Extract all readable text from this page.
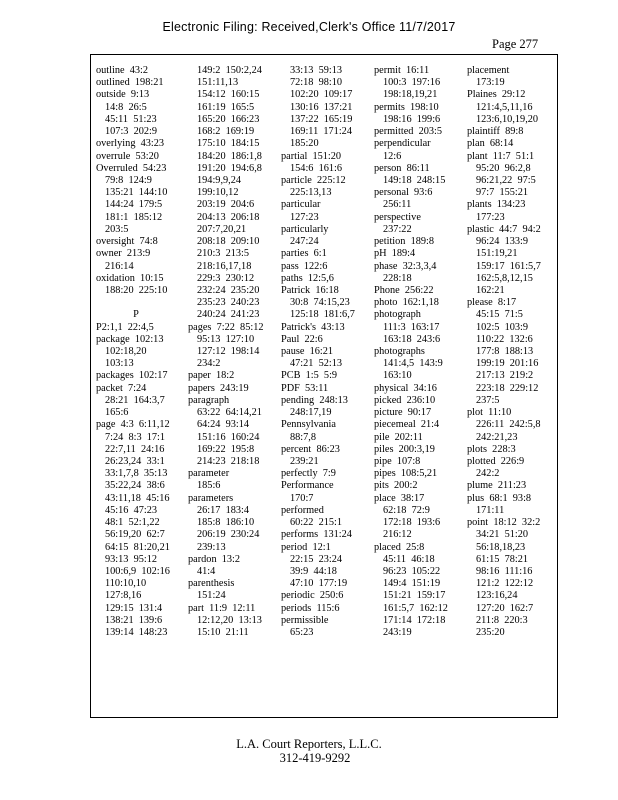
Electronic Filing: Received,Clerk's Office 11/7/2017
Page 277
outline  43:2
outlined  198:21
outside  9:13
14:8  26:5
45:11  51:23
107:3  202:9
overlying  43:23
overrule  53:20
Overruled  54:23
79:8  124:9
135:21  144:10
144:24  179:5
181:1  185:12
203:5
oversight  74:8
owner  213:9
216:14
oxidation  10:15
188:20  225:10
P
P2:1,1  22:4,5
package  102:13
102:18,20
103:13
packages  102:17
packet  7:24
28:21  164:3,7
165:6
page  4:3  6:11,12
7:24  8:3  17:1
22:7,11  24:16
26:23,24  33:1
33:1,7,8  35:13
35:22,24  38:6
43:11,18  45:16
45:16  47:23
48:1  52:1,22
56:19,20  62:7
64:15  81:20,21
93:13  95:12
100:6,9  102:16
110:10,10
127:8,16
129:15  131:4
138:21  139:6
139:14  148:23
149:2  150:2,24
151:11,13
154:12  160:15
161:19  165:5
165:20  166:23
168:2  169:19
175:10  184:15
184:20  186:1,8
191:20  194:6,8
194:9,9,24
199:10,12
203:19  204:6
204:13  206:18
207:7,20,21
208:18  209:10
210:3  213:5
218:16,17,18
229:3  230:12
232:24  235:20
235:23  240:23
240:24  241:23
pages  7:22  85:12
95:13  127:10
127:12  198:14
234:2
paper  18:2
papers  243:19
paragraph
63:22  64:14,21
64:24  93:14
151:16  160:24
169:22  195:8
214:23  218:18
parameter
185:6
parameters
26:17  183:4
185:8  186:10
206:19  230:24
239:13
pardon  13:2
41:4
parenthesis
151:24
part  11:9  12:11
12:12,20  13:13
15:10  21:11
33:13  59:13
72:18  98:10
102:20  109:17
130:16  137:21
137:22  165:19
169:11  171:24
185:20
partial  151:20
154:6  161:6
particle  225:12
225:13,13
particular
127:23
particularly
247:24
parties  6:1
pass  122:6
paths  12:5,6
Patrick  16:18
30:8  74:15,23
125:18  181:6,7
Patrick's  43:13
Paul  22:6
pause  16:21
47:21  52:13
PCB  1:5  5:9
PDF  53:11
pending  248:13
248:17,19
Pennsylvania
88:7,8
percent  86:23
239:21
perfectly  7:9
Performance
170:7
performed
60:22  215:1
performs  131:24
period  12:1
22:15  23:24
39:9  44:18
47:10  177:19
periodic  250:6
periods  115:6
permissible
65:23
permit  16:11
100:3  197:16
198:18,19,21
permits  198:10
198:16  199:6
permitted  203:5
perpendicular
12:6
person  86:11
149:18  248:15
personal  93:6
256:11
perspective
237:22
petition  189:8
pH  189:4
phase  32:3,3,4
228:18
Phone  256:22
photo  162:1,18
photograph
111:3  163:17
163:18  243:6
photographs
141:4,5  143:9
163:10
physical  34:16
picked  236:10
picture  90:17
piecemeal  21:4
pile  202:11
piles  200:3,19
pipe  107:8
pipes  108:5,21
pits  200:2
place  38:17
62:18  72:9
172:18  193:6
216:12
placed  25:8
45:11  46:18
96:23  105:22
149:4  151:19
151:21  159:17
161:5,7  162:12
171:14  172:18
243:19
placement
173:19
Plaines  29:12
121:4,5,11,16
123:6,10,19,20
plaintiff  89:8
plan  68:14
plant  11:7  51:1
95:20  96:2,8
96:21,22  97:5
97:7  155:21
plants  134:23
177:23
plastic  44:7  94:2
96:24  133:9
151:19,21
159:17  161:5,7
162:5,8,12,15
162:21
please  8:17
45:15  71:5
102:5  103:9
110:22  132:6
177:8  188:13
199:19  201:16
217:13  219:2
223:18  229:12
237:5
plot  11:10
226:11  242:5,8
242:21,23
plots  228:3
plotted  226:9
242:2
plume  211:23
plus  68:1  93:8
171:11
point  18:12  32:2
34:21  51:20
56:18,18,23
61:15  78:21
98:16  111:16
121:2  122:12
123:16,24
127:20  162:7
211:8  220:3
235:20
L.A. Court Reporters, L.L.C.
312-419-9292
